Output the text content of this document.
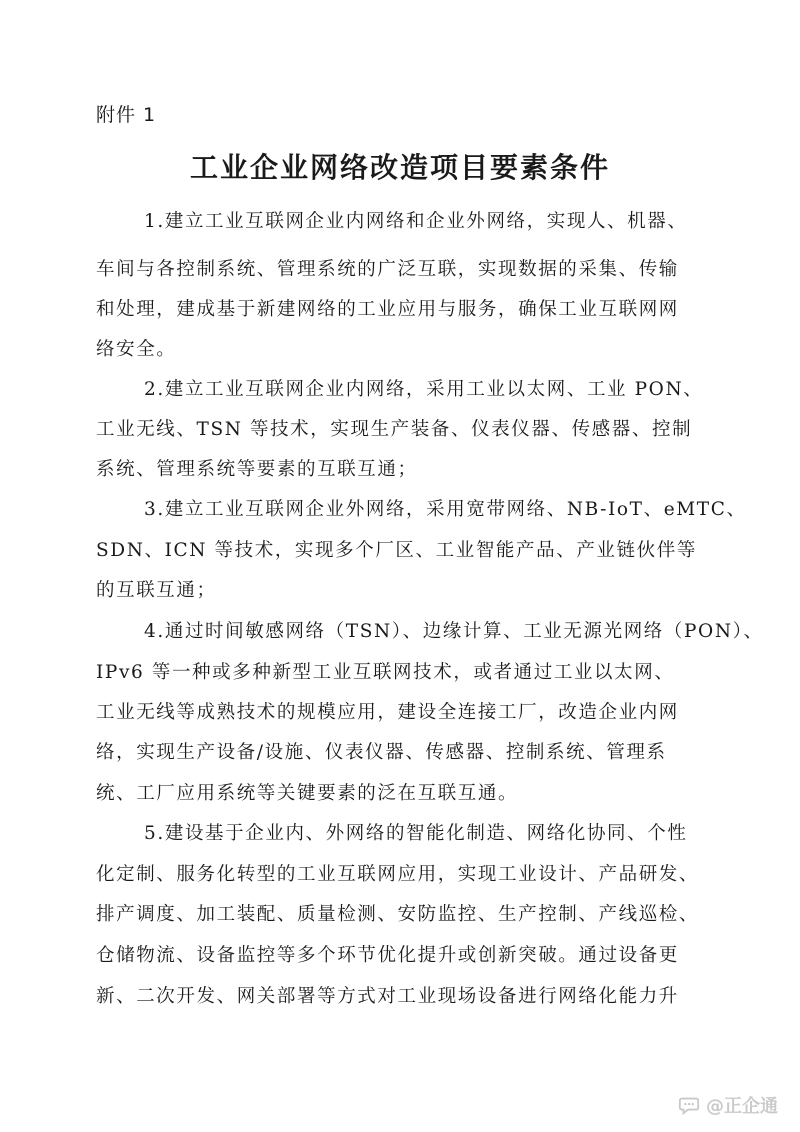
附件 1
工业企业网络改造项目要素条件
1.建立工业互联网企业内网络和企业外网络，实现人、机器、
车间与各控制系统、管理系统的广泛互联，实现数据的采集、传输
和处理，建成基于新建网络的工业应用与服务，确保工业互联网网
络安全。
2.建立工业互联网企业内网络，采用工业以太网、工业 PON、
工业无线、TSN 等技术，实现生产装备、仪表仪器、传感器、控制
系统、管理系统等要素的互联互通；
3.建立工业互联网企业外网络，采用宽带网络、NB-IoT、eMTC、
SDN、ICN 等技术，实现多个厂区、工业智能产品、产业链伙伴等
的互联互通；
4.通过时间敏感网络（TSN）、边缘计算、工业无源光网络（PON）、
IPv6 等一种或多种新型工业互联网技术，或者通过工业以太网、
工业无线等成熟技术的规模应用，建设全连接工厂，改造企业内网
络，实现生产设备/设施、仪表仪器、传感器、控制系统、管理系
统、工厂应用系统等关键要素的泛在互联互通。
5.建设基于企业内、外网络的智能化制造、网络化协同、个性
化定制、服务化转型的工业互联网应用，实现工业设计、产品研发、
排产调度、加工装配、质量检测、安防监控、生产控制、产线巡检、
仓储物流、设备监控等多个环节优化提升或创新突破。通过设备更
新、二次开发、网关部署等方式对工业现场设备进行网络化能力升
@正企通
